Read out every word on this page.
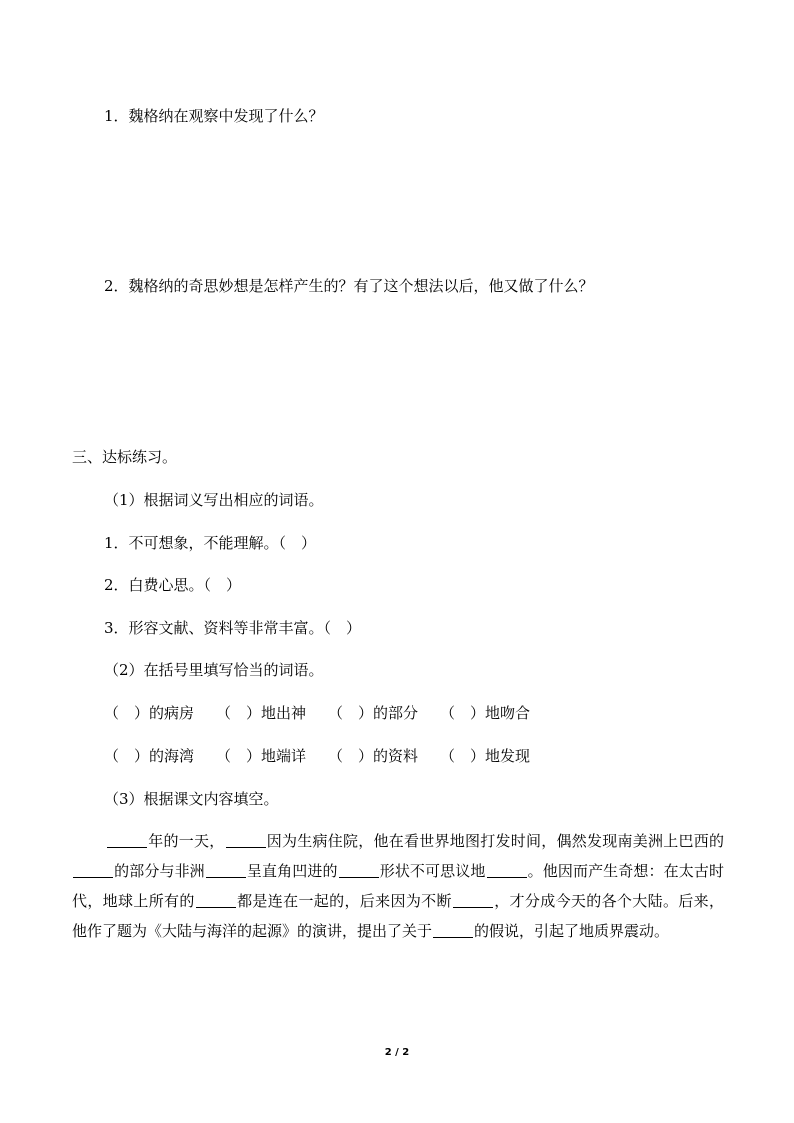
1．魏格纳在观察中发现了什么？
2．魏格纳的奇思妙想是怎样产生的？有了这个想法以后，他又做了什么？
三、达标练习。
（1）根据词义写出相应的词语。
1．不可想象，不能理解。（　）
2．白费心思。（　）
3．形容文献、资料等非常丰富。（　）
（2）在括号里填写恰当的词语。
（　）的病房 （　）地出神 （　）的部分 （　）地吻合
（　）的海湾 （　）地端详 （　）的资料 （　）地发现
（3）根据课文内容填空。
年的一天，	因为生病住院，他在看世界地图打发时间，偶然发现南美洲上巴西的的部分与非洲	呈直角凹进的	形状不可思议地	。他因而产生奇想：在太古时代，地球上所有的	都是连在一起的，后来因为不断	，才分成今天的各个大陆。后来，他作了题为《大陆与海洋的起源》的演讲，提出了关于	的假说，引起了地质界震动。
2 / 2
